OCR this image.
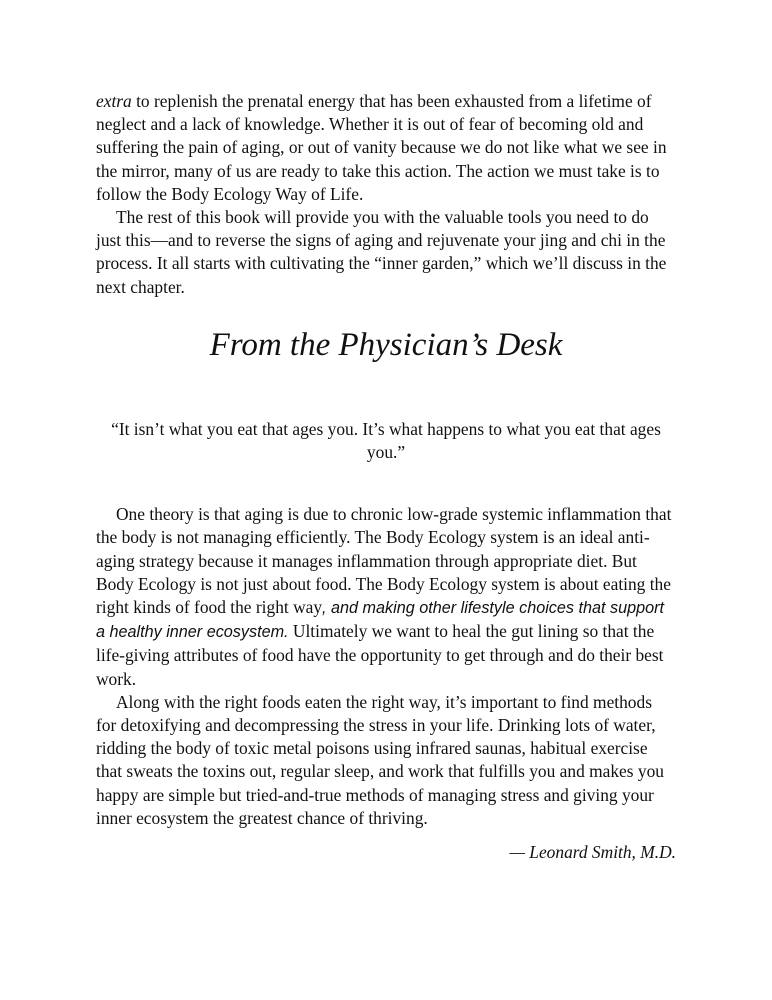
extra to replenish the prenatal energy that has been exhausted from a lifetime of neglect and a lack of knowledge. Whether it is out of fear of becoming old and suffering the pain of aging, or out of vanity because we do not like what we see in the mirror, many of us are ready to take this action. The action we must take is to follow the Body Ecology Way of Life.

The rest of this book will provide you with the valuable tools you need to do just this—and to reverse the signs of aging and rejuvenate your jing and chi in the process. It all starts with cultivating the “inner garden,” which we’ll discuss in the next chapter.

From the Physician’s Desk

“It isn’t what you eat that ages you. It’s what happens to what you eat that ages you.”

One theory is that aging is due to chronic low-grade systemic inflammation that the body is not managing efficiently. The Body Ecology system is an ideal anti-aging strategy because it manages inflammation through appropriate diet. But Body Ecology is not just about food. The Body Ecology system is about eating the right kinds of food the right way, and making other lifestyle choices that support a healthy inner ecosystem. Ultimately we want to heal the gut lining so that the life-giving attributes of food have the opportunity to get through and do their best work.

Along with the right foods eaten the right way, it’s important to find methods for detoxifying and decompressing the stress in your life. Drinking lots of water, ridding the body of toxic metal poisons using infrared saunas, habitual exercise that sweats the toxins out, regular sleep, and work that fulfills you and makes you happy are simple but tried-and-true methods of managing stress and giving your inner ecosystem the greatest chance of thriving.

— Leonard Smith, M.D.
